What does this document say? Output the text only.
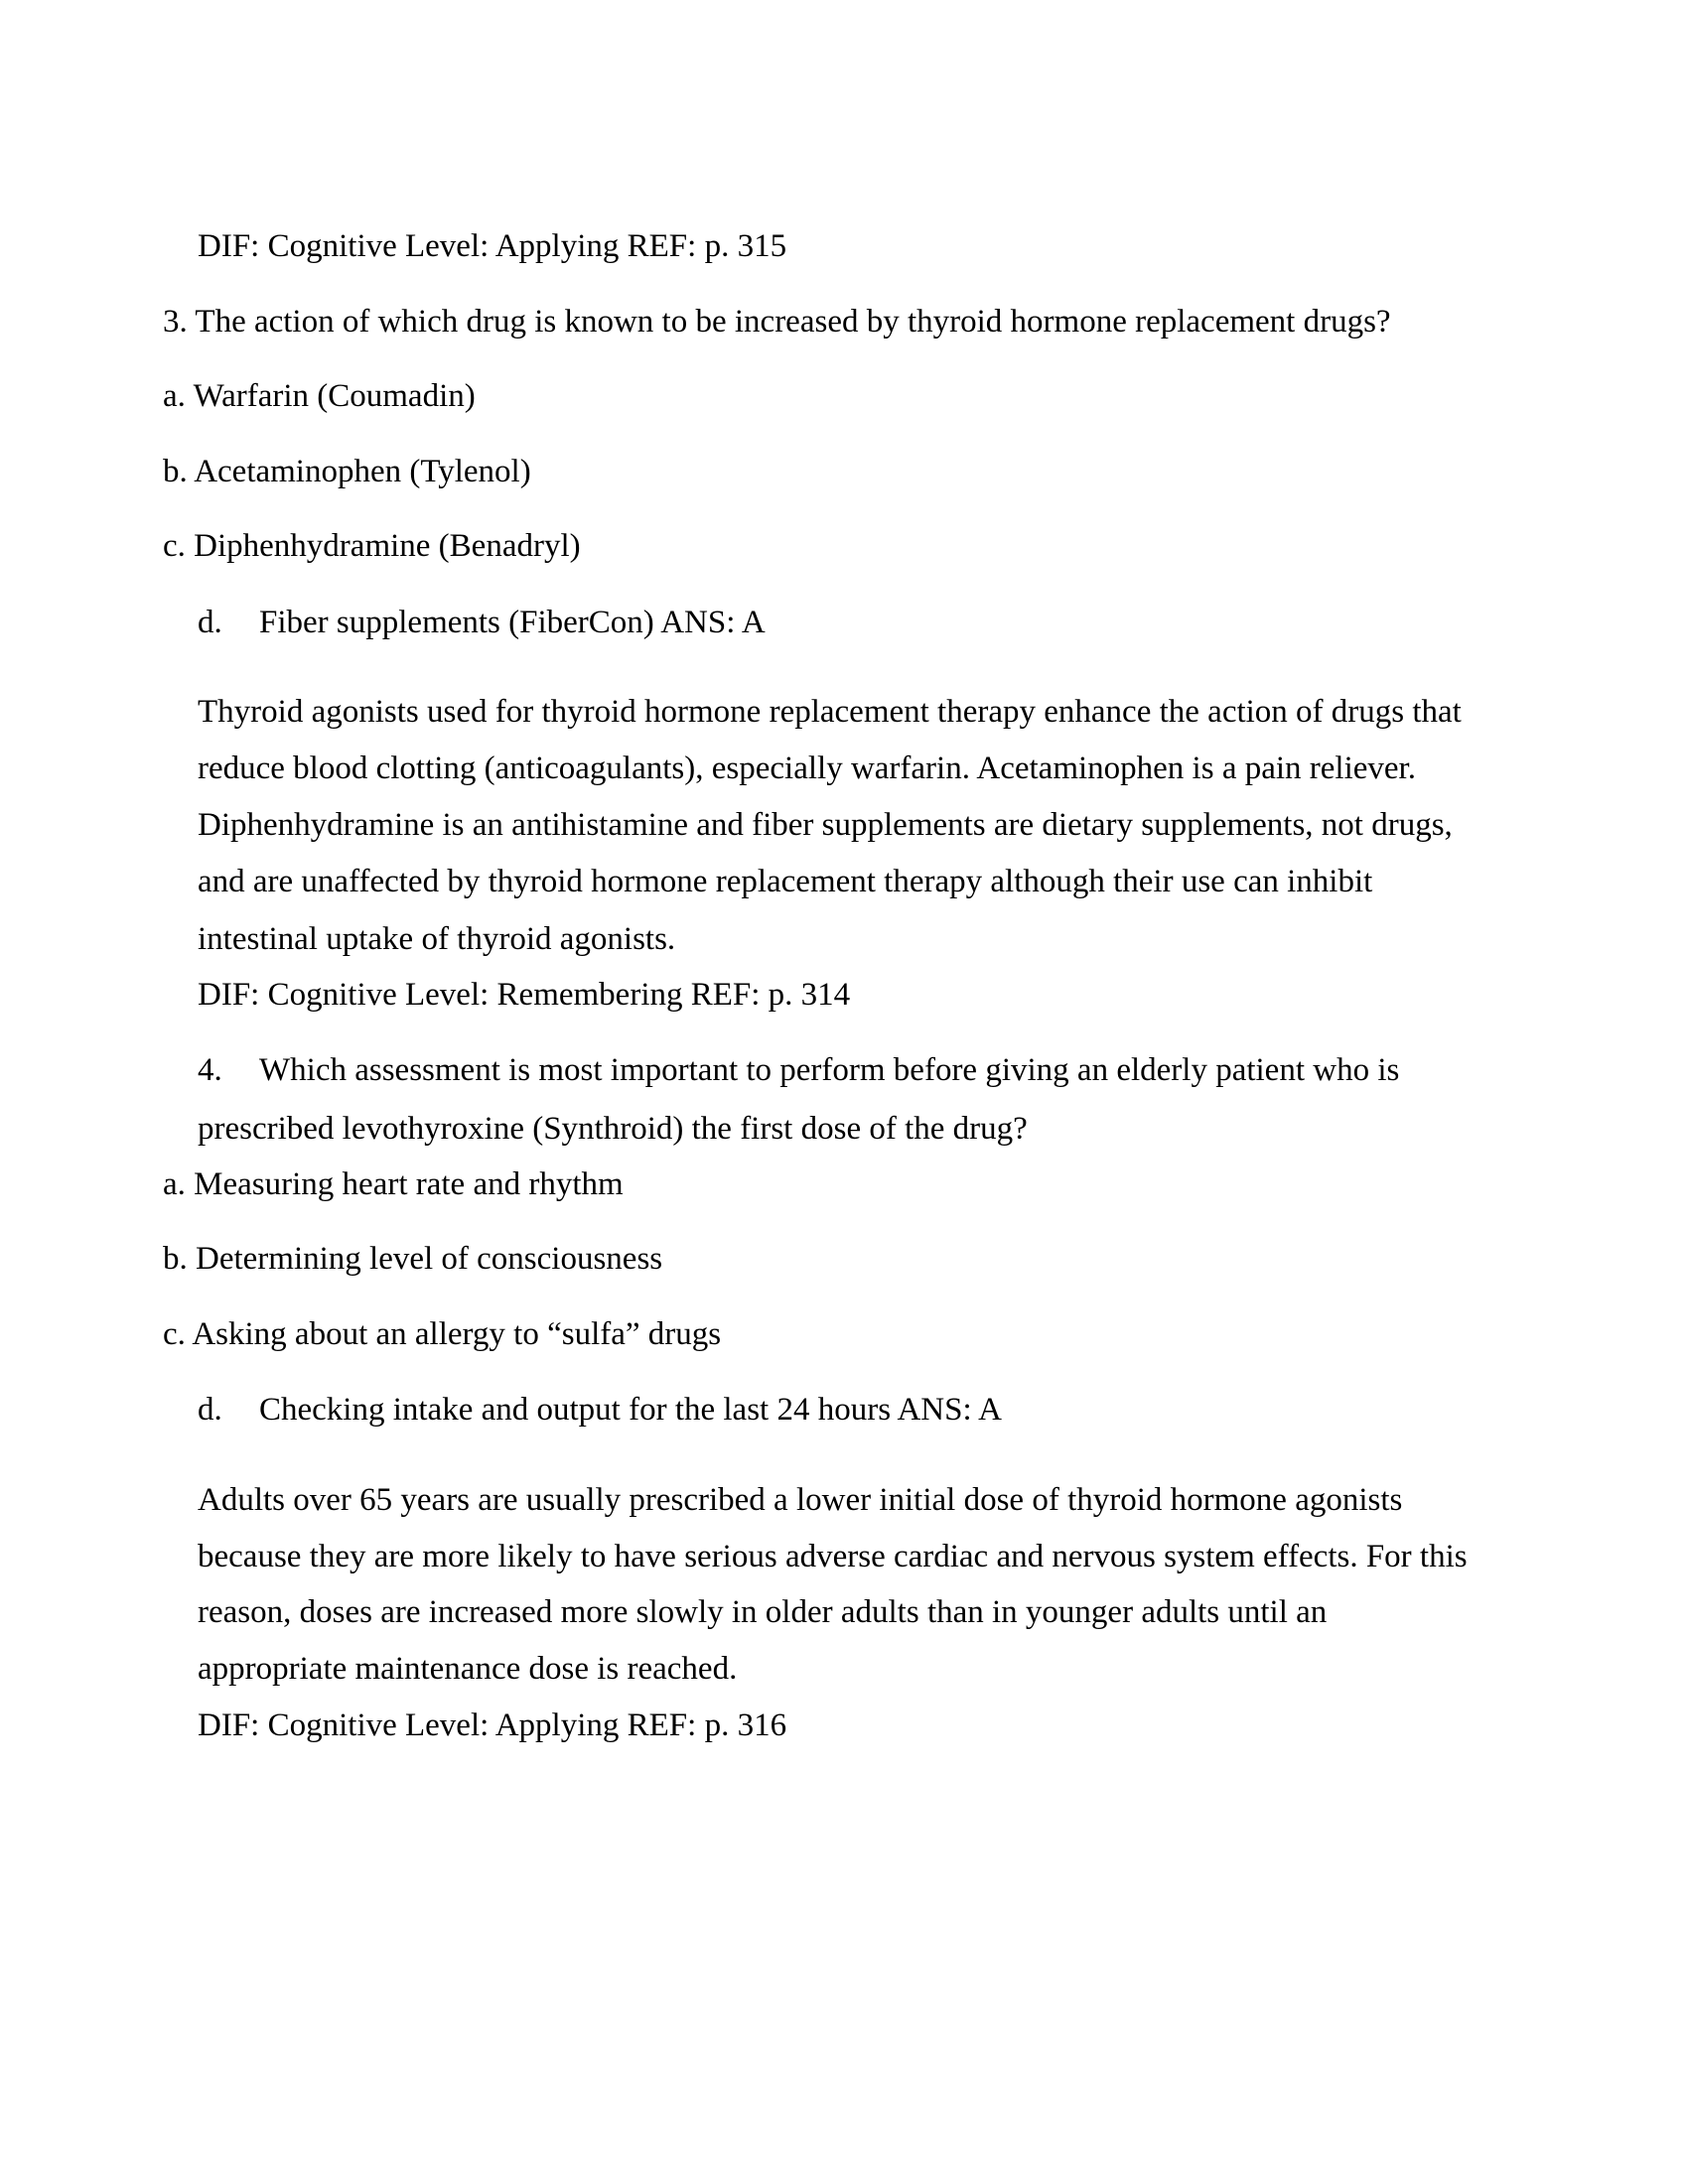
DIF: Cognitive Level: Applying REF: p. 315
3. The action of which drug is known to be increased by thyroid hormone replacement drugs?
a. Warfarin (Coumadin)
b. Acetaminophen (Tylenol)
c. Diphenhydramine (Benadryl)
d. Fiber supplements (FiberCon) ANS: A
Thyroid agonists used for thyroid hormone replacement therapy enhance the action of drugs that
reduce blood clotting (anticoagulants), especially warfarin. Acetaminophen is a pain reliever.
Diphenhydramine is an antihistamine and fiber supplements are dietary supplements, not drugs,
and are unaffected by thyroid hormone replacement therapy although their use can inhibit
intestinal uptake of thyroid agonists.
DIF: Cognitive Level: Remembering REF: p. 314
4. Which assessment is most important to perform before giving an elderly patient who is
prescribed levothyroxine (Synthroid) the first dose of the drug?
a. Measuring heart rate and rhythm
b. Determining level of consciousness
c. Asking about an allergy to “sulfa” drugs
d. Checking intake and output for the last 24 hours ANS: A
Adults over 65 years are usually prescribed a lower initial dose of thyroid hormone agonists
because they are more likely to have serious adverse cardiac and nervous system effects. For this
reason, doses are increased more slowly in older adults than in younger adults until an
appropriate maintenance dose is reached.
DIF: Cognitive Level: Applying REF: p. 316
